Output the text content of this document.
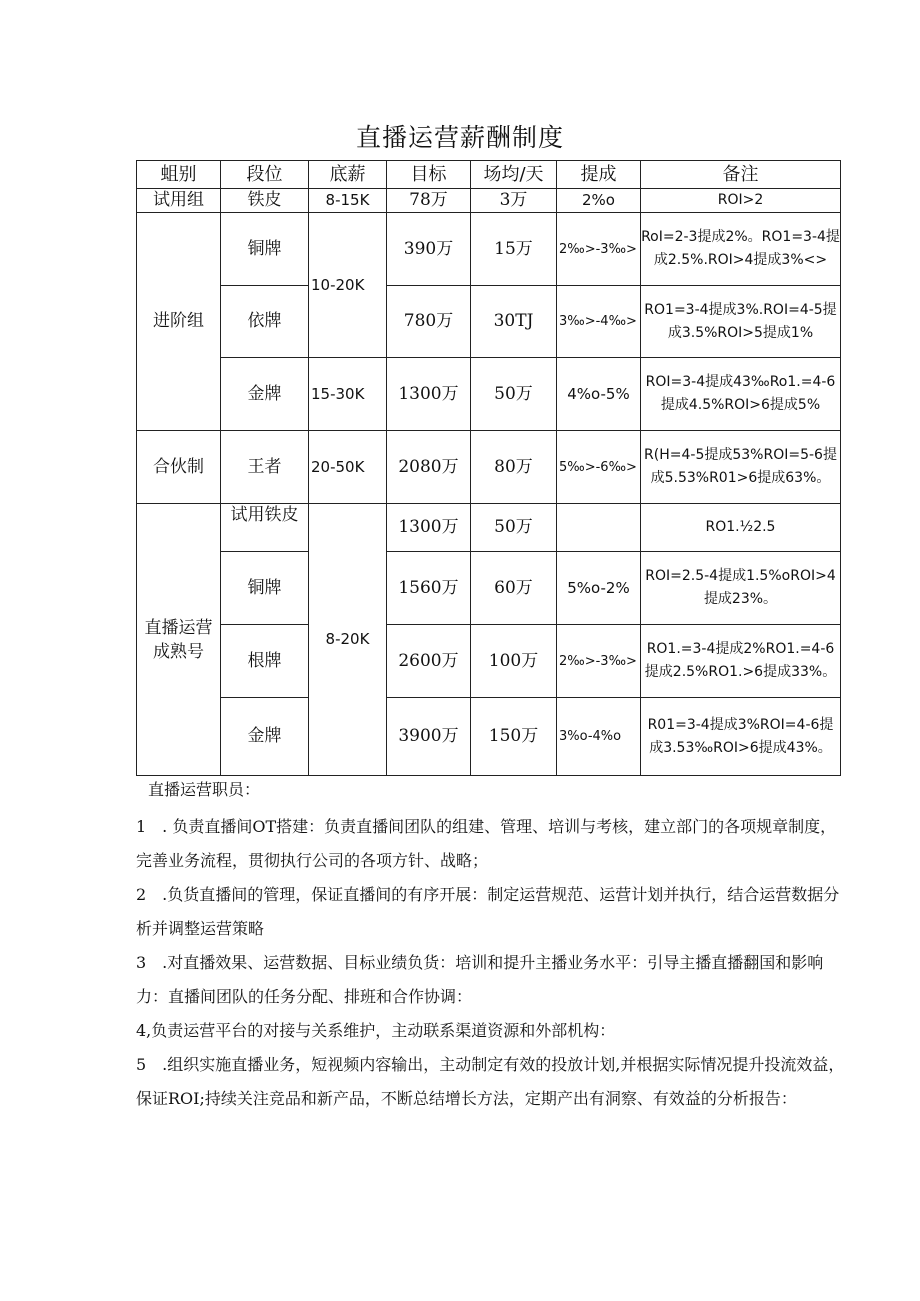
直播运营薪酬制度
蛆别	段位	底薪	目标	场均/天	提成	备注
试用组	铁皮	8-15K	78万	3万	2%o	ROI>2
进阶组	铜牌	10-20K	390万	15万	2‰>-3‰>	RoI=2-3提成2%。RO1=3-4提成2.5%.ROI>4提成3%<>
	依牌		780万	30TJ	3‰>-4‰>	RO1=3-4提成3%.ROI=4-5提成3.5%ROI>5提成1%
	金牌	15-30K	1300万	50万	4%o-5%	ROI=3-4提成43‰Ro1.=4-6提成4.5%ROI>6提成5%
合伙制	王者	20-50K	2080万	80万	5‰>-6‰>	R(H=4-5提成53%ROI=5-6提成5.53%R01>6提成63%。
直播运营成熟号	试用铁皮	8-20K	1300万	50万		RO1.½2.5
	铜牌		1560万	60万	5%o-2%	ROI=2.5-4提成1.5%oROI>4提成23%。
	根牌		2600万	100万	2‰>-3‰>	RO1.=3-4提成2%RO1.=4-6提成2.5%RO1.>6提成33%。
	金牌		3900万	150万	3%o-4%o	R01=3-4提成3%ROI=4-6提成3.53‰ROI>6提成43%。
直播运营职员：

1　. 负责直播间OT搭建：负责直播间团队的组建、管理、培训与考核，建立部门的各项规章制度，完善业务流程，贯彻执行公司的各项方针、战略；

2　.负货直播间的管理，保证直播间的有序开展：制定运营规范、运营计划并执行，结合运营数据分析并调整运营策略

3　.对直播效果、运营数据、目标业绩负货：培训和提升主播业务水平：引导主播直播翻国和影响力：直播间团队的任务分配、排班和合作协调：

4,负责运营平台的对接与关系维护，主动联系渠道资源和外部机构：

5　.组织实施直播业务，短视频内容输出，主动制定有效的投放计划,并根据实际情况提升投流效益，保证ROI;持续关注竞品和新产品，不断总结增长方法，定期产出有洞察、有效益的分析报告：
